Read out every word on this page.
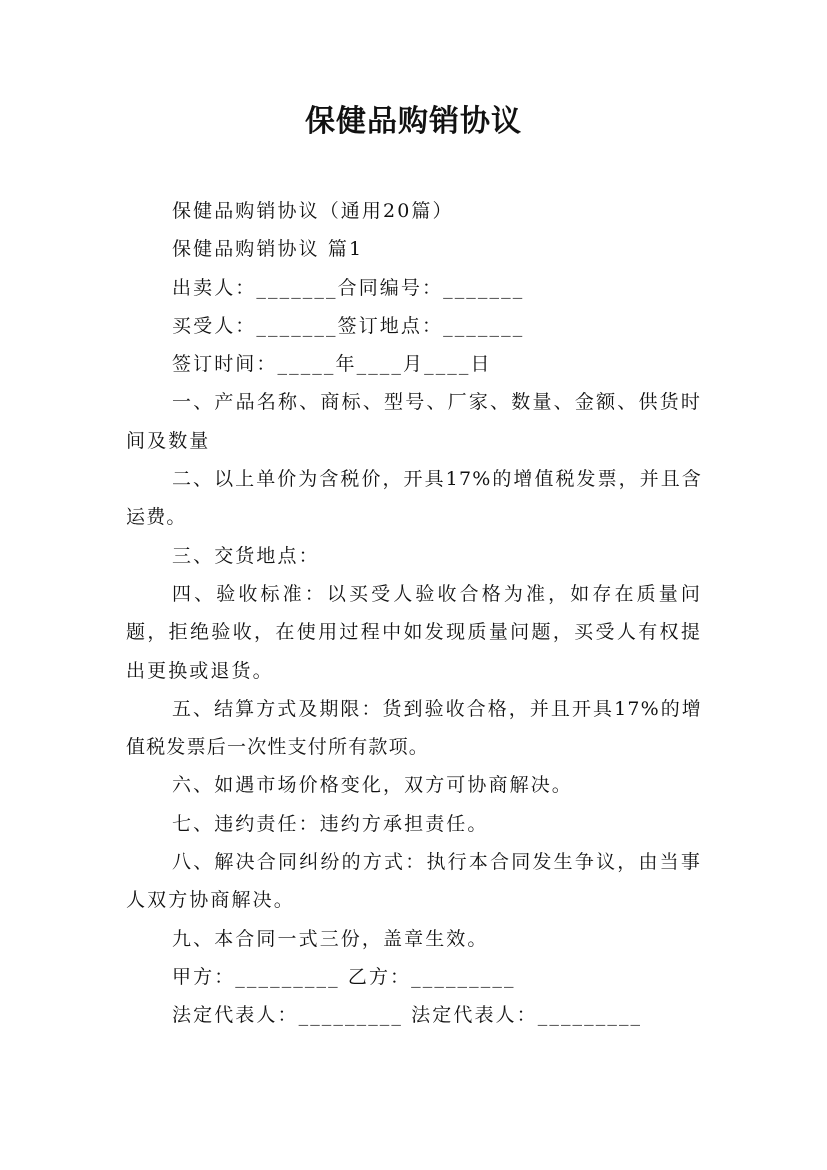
保健品购销协议

保健品购销协议（通用20篇）

保健品购销协议 篇1

出卖人：_______合同编号：_______

买受人：_______签订地点：_______

签订时间：_____年____月____日

一、产品名称、商标、型号、厂家、数量、金额、供货时间及数量

二、以上单价为含税价，开具17%的增值税发票，并且含运费。

三、交货地点：

四、验收标准：以买受人验收合格为准，如存在质量问题，拒绝验收，在使用过程中如发现质量问题，买受人有权提出更换或退货。

五、结算方式及期限：货到验收合格，并且开具17%的增值税发票后一次性支付所有款项。

六、如遇市场价格变化，双方可协商解决。

七、违约责任：违约方承担责任。

八、解决合同纠纷的方式：执行本合同发生争议，由当事人双方协商解决。

九、本合同一式三份，盖章生效。

甲方：_________ 乙方：_________

法定代表人：_________ 法定代表人：_________
